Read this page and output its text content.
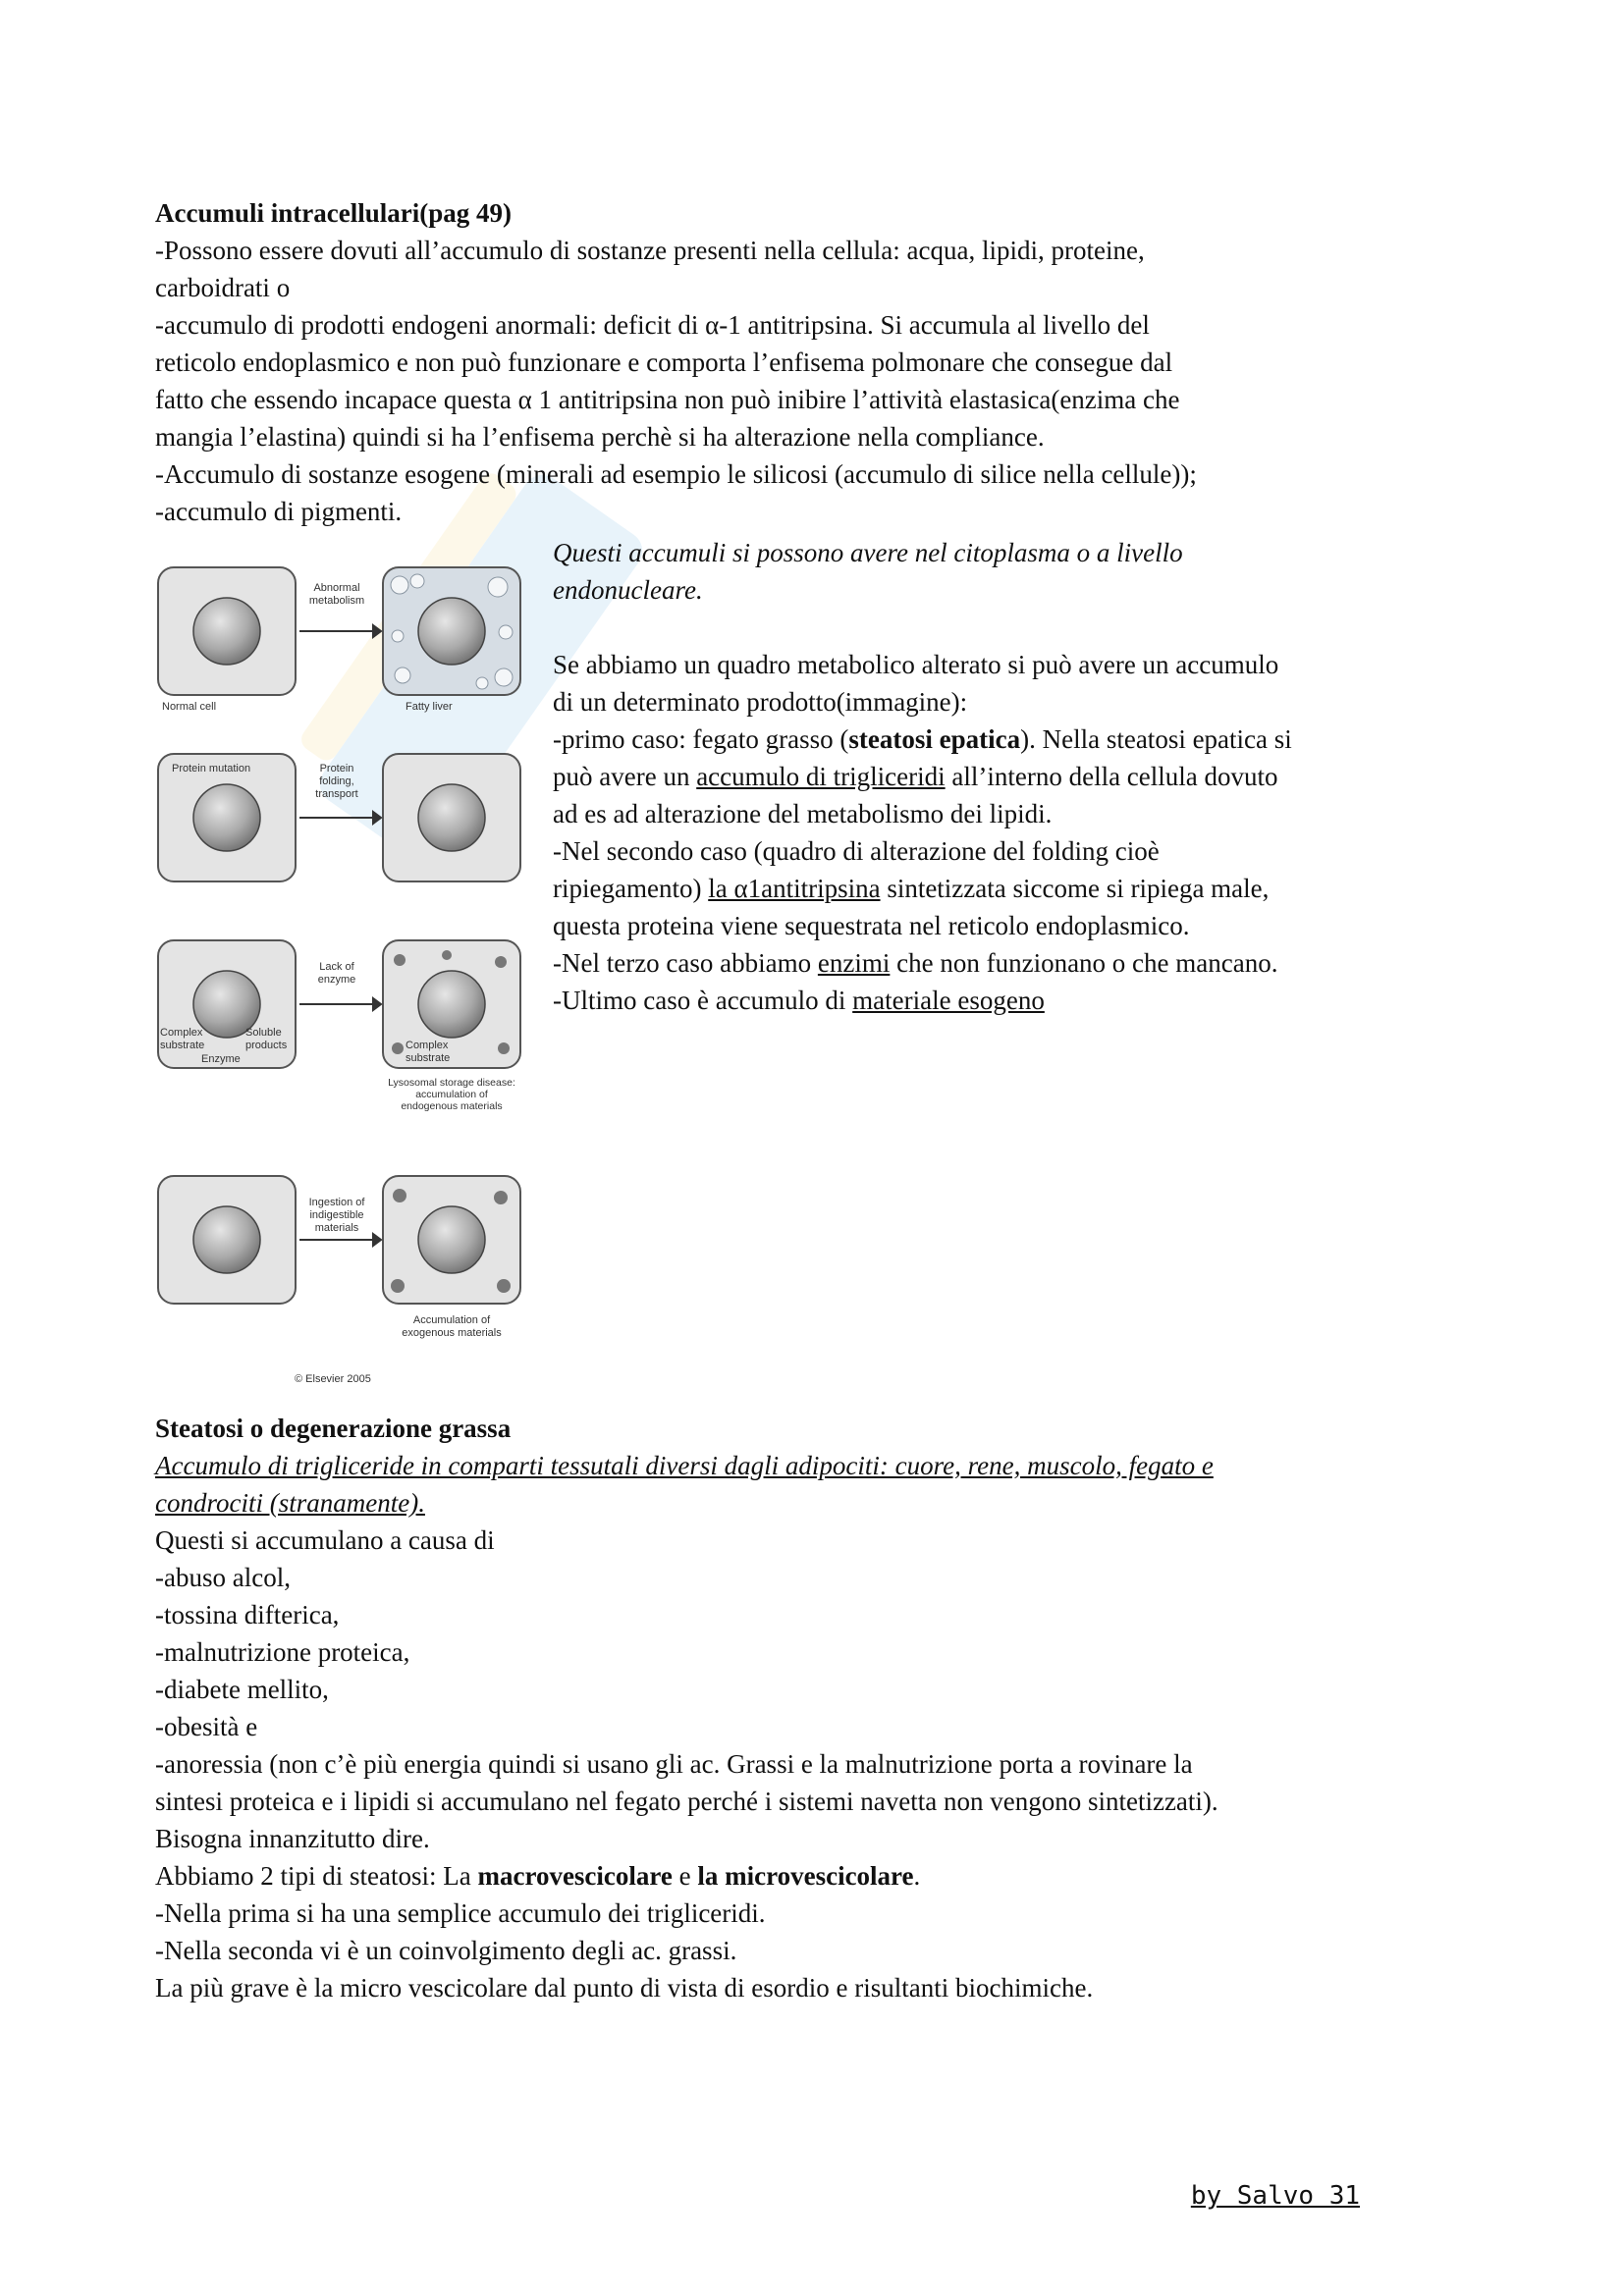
Accumuli intracellulari(pag 49)

-Possono essere dovuti all’accumulo di sostanze presenti nella cellula: acqua, lipidi, proteine,

carboidrati o

-accumulo di prodotti endogeni anormali: deficit di α-1 antitripsina. Si accumula al livello del

reticolo endoplasmico e non può funzionare e comporta l’enfisema polmonare che consegue dal

fatto che essendo incapace questa α 1 antitripsina non può inibire l’attività elastasica(enzima che

mangia l’elastina) quindi si ha l’enfisema perchè si ha alterazione nella compliance.

-Accumulo di sostanze esogene (minerali ad esempio le silicosi (accumulo di silice nella cellule));

-accumulo di pigmenti.

Questi accumuli si possono avere nel citoplasma o a livello

endonucleare.

Se abbiamo un quadro metabolico alterato si può avere un accumulo

di un determinato prodotto(immagine):

-primo caso: fegato grasso (steatosi epatica). Nella steatosi epatica si

può avere un accumulo di trigliceridi all’interno della cellula dovuto

ad es ad alterazione del metabolismo dei lipidi.

-Nel secondo caso (quadro di alterazione del folding cioè

ripiegamento) la α1antitripsina sintetizzata siccome si ripiega male,

questa proteina viene sequestrata nel reticolo endoplasmico.

-Nel terzo caso abbiamo enzimi che non funzionano o che mancano.

-Ultimo caso è accumulo di materiale esogeno

Abnormal
metabolism
Normal cell	Fatty liver
Protein mutation	Protein
folding,
transport
Lack of
enzyme
Complex
substrate
Soluble
products
Enzyme
Complex
substrate
Lysosomal storage disease:
accumulation of
endogenous materials
Ingestion of
indigestible
materials
Accumulation of
exogenous materials
© Elsevier 2005

Steatosi o degenerazione grassa

Accumulo di trigliceride in comparti tessutali diversi dagli adipociti: cuore, rene, muscolo, fegato e

condrociti (stranamente).

Questi si accumulano a causa di

-abuso alcol,

-tossina difterica,

-malnutrizione proteica,

-diabete mellito,

-obesità e

-anoressia (non c’è più energia quindi si usano gli ac. Grassi e la malnutrizione porta a rovinare la

sintesi proteica e i lipidi si accumulano nel fegato perché i sistemi navetta non vengono sintetizzati).

Bisogna innanzitutto dire.

Abbiamo 2 tipi di steatosi: La macrovescicolare e la microvescicolare.

-Nella prima si ha una semplice accumulo dei trigliceridi.

-Nella seconda vi è un coinvolgimento degli ac. grassi.

La più grave è la micro vescicolare dal punto di vista di esordio e risultanti biochimiche.

by Salvo 31
